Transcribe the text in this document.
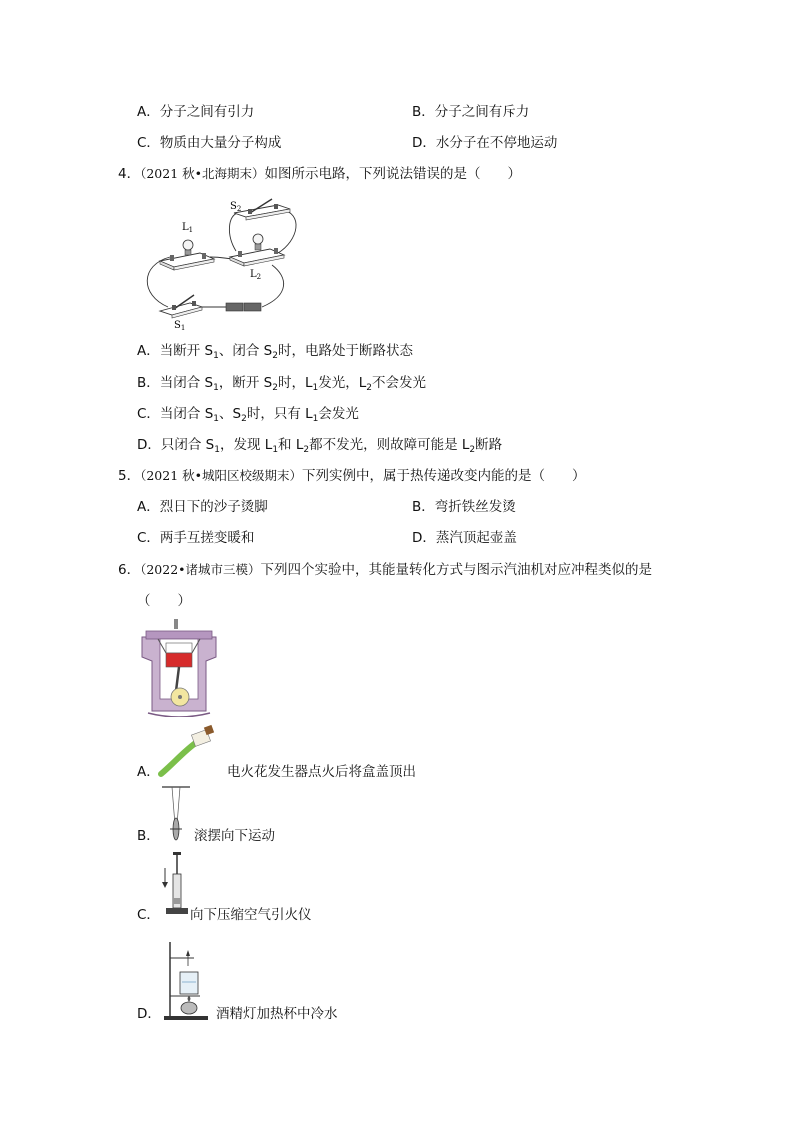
A．分子之间有引力	B．分子之间有斥力
C．物质由大量分子构成	D．水分子在不停地运动
4．（2021 秋•北海期末）如图所示电路，下列说法错误的是（　　）
$L_1$
$L_2$
$S_2$
$S_1$
A．当断开 $S_1$、闭合 $S_2$时，电路处于断路状态
B．当闭合 $S_1$，断开 $S_2$时，$L_1$发光，$L_2$不会发光
C．当闭合 $S_1$、$S_2$时，只有 $L_1$会发光
D．只闭合 $S_1$，发现 $L_1$和 $L_2$都不发光，则故障可能是 $L_2$断路
5．（2021 秋•城阳区校级期末）下列实例中，属于热传递改变内能的是（　　）
A．烈日下的沙子烫脚	B．弯折铁丝发烫
C．两手互搓变暖和	D．蒸汽顶起壶盖
6．（2022•诸城市三模）下列四个实验中，其能量转化方式与图示汽油机对应冲程类似的是
（　　）
A．	电火花发生器点火后将盒盖顶出
B．	滚摆向下运动
C． 向下压缩空气引火仪
D．	酒精灯加热杯中冷水
